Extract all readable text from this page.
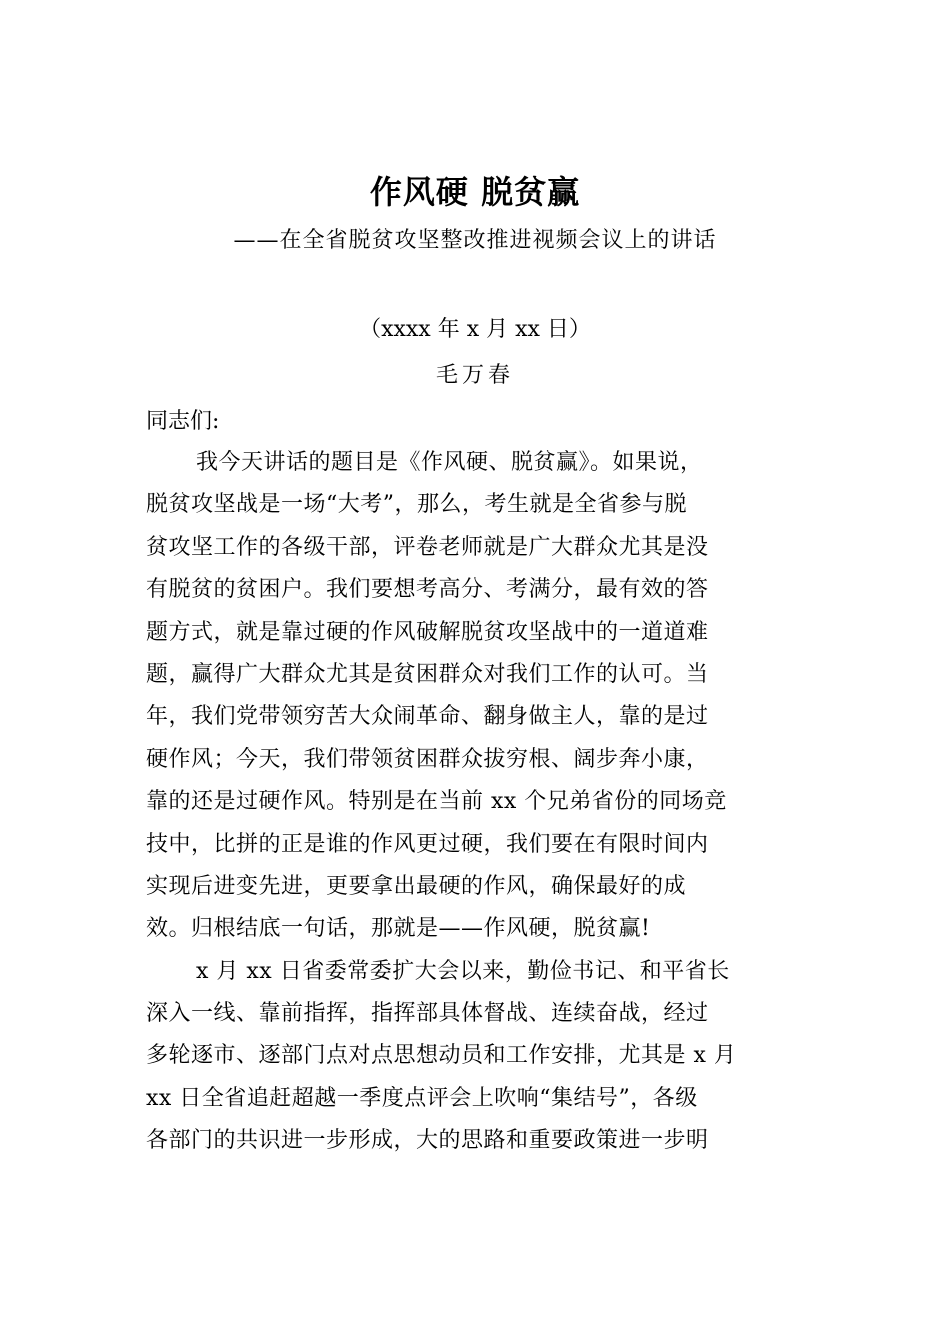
作风硬 脱贫赢
——在全省脱贫攻坚整改推进视频会议上的讲话
（xxxx 年 x 月 xx 日）
毛万春
同志们:
我今天讲话的题目是《作风硬、脱贫赢》。如果说，
脱贫攻坚战是一场“大考”，那么，考生就是全省参与脱
贫攻坚工作的各级干部，评卷老师就是广大群众尤其是没
有脱贫的贫困户。我们要想考高分、考满分，最有效的答
题方式，就是靠过硬的作风破解脱贫攻坚战中的一道道难
题，赢得广大群众尤其是贫困群众对我们工作的认可。当
年，我们党带领穷苦大众闹革命、翻身做主人，靠的是过
硬作风；今天，我们带领贫困群众拔穷根、阔步奔小康，
靠的还是过硬作风。特别是在当前 xx 个兄弟省份的同场竞
技中，比拼的正是谁的作风更过硬，我们要在有限时间内
实现后进变先进，更要拿出最硬的作风，确保最好的成
效。归根结底一句话，那就是——作风硬，脱贫赢!
x 月 xx 日省委常委扩大会以来，勤俭书记、和平省长
深入一线、靠前指挥，指挥部具体督战、连续奋战，经过
多轮逐市、逐部门点对点思想动员和工作安排，尤其是 x 月
xx 日全省追赶超越一季度点评会上吹响“集结号”，各级
各部门的共识进一步形成，大的思路和重要政策进一步明
